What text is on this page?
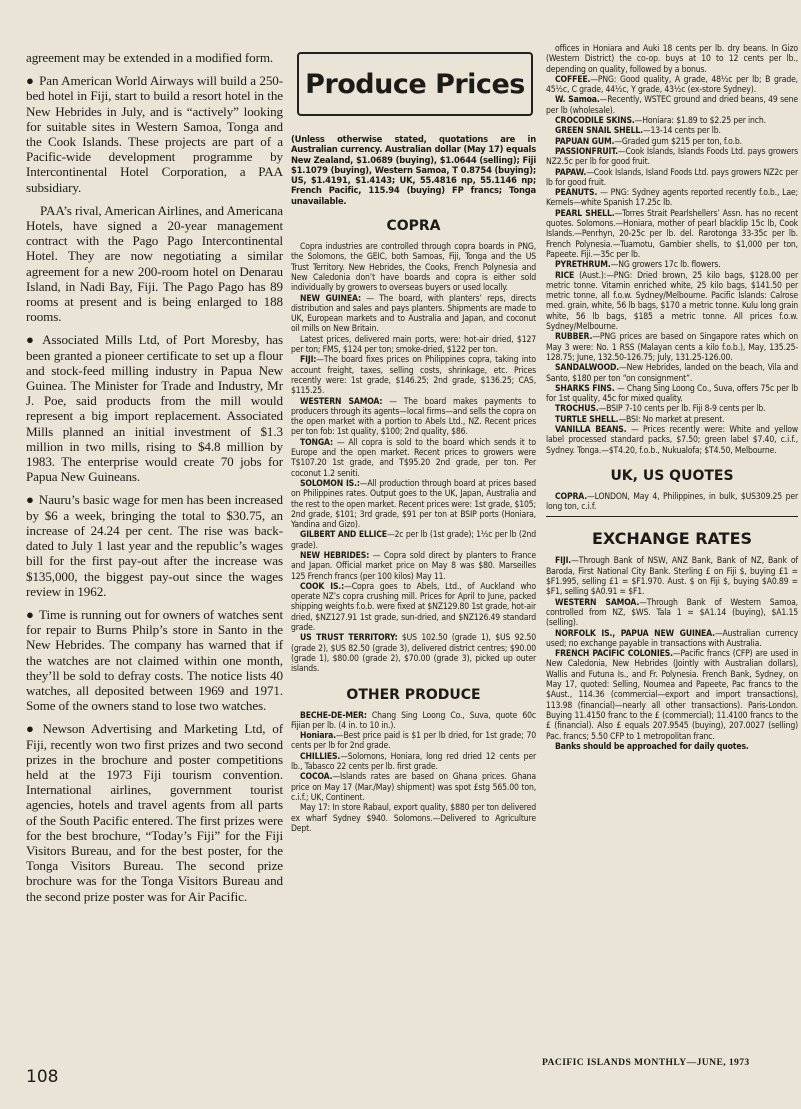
agreement may be extended in a modified form.

● Pan American World Airways will build a 250-bed hotel in Fiji, start to build a resort hotel in the New Hebrides in July, and is “actively” looking for suitable sites in Western Samoa, Tonga and the Cook Islands. These projects are part of a Pacific-wide development programme by Intercontinental Hotel Corporation, a PAA subsidiary.

PAA’s rival, American Airlines, and Americana Hotels, have signed a 20-year management contract with the Pago Pago Intercontinental Hotel. They are now negotiating a similar agreement for a new 200-room hotel on Denarau Island, in Nadi Bay, Fiji. The Pago Pago has 89 rooms at present and is being enlarged to 188 rooms.

● Associated Mills Ltd, of Port Moresby, has been granted a pioneer certificate to set up a flour and stock-feed milling industry in Papua New Guinea. The Minister for Trade and Industry, Mr J. Poe, said products from the mill would represent a big import replacement. Associated Mills planned an initial investment of $1.3 million in two mills, rising to $4.8 million by 1983. The enterprise would create 70 jobs for Papua New Guineans.

● Nauru’s basic wage for men has been increased by $6 a week, bringing the total to $30.75, an increase of 24.24 per cent. The rise was back-dated to July 1 last year and the republic’s wages bill for the first pay-out after the increase was $135,000, the biggest pay-out since the wages review in 1962.

● Time is running out for owners of watches sent for repair to Burns Philp’s store in Santo in the New Hebrides. The company has warned that if the watches are not claimed within one month, they’ll be sold to defray costs. The notice lists 40 watches, all deposited between 1969 and 1971. Some of the owners stand to lose two watches.

● Newson Advertising and Marketing Ltd, of Fiji, recently won two first prizes and two second prizes in the brochure and poster competitions held at the 1973 Fiji tourism convention. International airlines, government tourist agencies, hotels and travel agents from all parts of the South Pacific entered. The first prizes were for the best brochure, “Today’s Fiji” for the Fiji Visitors Bureau, and for the best poster, for the Tonga Visitors Bureau. The second prize brochure was for the Tonga Visitors Bureau and the second prize poster was for Air Pacific.

Produce Prices
(Unless otherwise stated, quotations are in Australian currency. Australian dollar (May 17) equals New Zealand, $1.0689 (buying), $1.0644 (selling); Fiji $1.1079 (buying), Western Samoa, T 0.8754 (buying); US, $1.4191, $1.4143; UK, 55.4816 np, 55.1146 np; French Pacific, 115.94 (buying) FP francs; Tonga unavailable.
COPRA

Copra industries are controlled through copra boards in PNG, the Solomons, the GEIC, both Samoas, Fiji, Tonga and the US Trust Territory. New Hebrides, the Cooks, French Polynesia and New Caledonia don’t have boards and copra is either sold individually by growers to overseas buyers or used locally.

NEW GUINEA: — The board, with planters’ reps, directs distribution and sales and pays planters. Shipments are made to UK, European markets and to Australia and Japan, and coconut oil mills on New Britain.

Latest prices, delivered main ports, were: hot-air dried, $127 per ton; FMS, $124 per ton; smoke-dried, $122 per ton.

FIJI:—The board fixes prices on Philippines copra, taking into account freight, taxes, selling costs, shrinkage, etc. Prices recently were: 1st grade, $146.25; 2nd grade, $136.25; CAS, $115.25.

WESTERN SAMOA: — The board makes payments to producers through its agents—local firms—and sells the copra on the open market with a portion to Abels Ltd., NZ. Recent prices per ton fob: 1st quality, $100; 2nd quality, $86.

TONGA: — All copra is sold to the board which sends it to Europe and the open market. Recent prices to growers were T$107.20 1st grade, and T$95.20 2nd grade, per ton. Per coconut 1.2 seniti.

SOLOMON IS.:—All production through board at prices based on Philippines rates. Output goes to the UK, Japan, Australia and the rest to the open market. Recent prices were: 1st grade, $105; 2nd grade, $101; 3rd grade, $91 per ton at BSIP ports (Honiara, Yandina and Gizo).

GILBERT AND ELLICE—2c per lb (1st grade); 1½c per lb (2nd grade).

NEW HEBRIDES: — Copra sold direct by planters to France and Japan. Official market price on May 8 was $80. Marseilles 125 French francs (per 100 kilos) May 11.

COOK IS.:—Copra goes to Abels, Ltd., of Auckland who operate NZ’s copra crushing mill. Prices for April to June, packed shipping weights f.o.b. were fixed at $NZ129.80 1st grade, hot-air dried, $NZ127.91 1st grade, sun-dried, and $NZ126.49 standard grade.

US TRUST TERRITORY: $US 102.50 (grade 1), $US 92.50 (grade 2), $US 82.50 (grade 3), delivered district centres; $90.00 (grade 1), $80.00 (grade 2), $70.00 (grade 3), picked up outer islands.

OTHER PRODUCE

BECHE-DE-MER: Chang Sing Loong Co., Suva, quote 60c Fijian per lb. (4 in. to 10 in.).

Honiara.—Best price paid is $1 per lb dried, for 1st grade; 70 cents per lb for 2nd grade.

CHILLIES.—Solomons, Honiara, long red dried 12 cents per lb., Tabasco 22 cents per lb. first grade.

COCOA.—Islands rates are based on Ghana prices. Ghana price on May 17 (Mar./May) shipment) was spot £stg 565.00 ton, c.i.f.; UK, Continent.

May 17: In store Rabaul, export quality, $880 per ton delivered ex wharf Sydney $940. Solomons.—Delivered to Agriculture Dept.

offices in Honiara and Auki 18 cents per lb. dry beans. In Gizo (Western District) the co-op. buys at 10 to 12 cents per lb., depending on quality, followed by a bonus.

COFFEE.—PNG: Good quality, A grade, 48½c per lb; B grade, 45½c, C grade, 44½c, Y grade, 43½c (ex-store Sydney).

W. Samoa.—Recently, WSTEC ground and dried beans, 49 sene per lb (wholesale).

CROCODILE SKINS.—Honiara: $1.89 to $2.25 per inch.

GREEN SNAIL SHELL.—13-14 cents per lb.

PAPUAN GUM.—Graded gum $215 per ton, f.o.b.

PASSIONFRUIT.—Cook Islands, Islands Foods Ltd. pays growers NZ2.5c per lb for good fruit.

PAPAW.—Cook Islands, Island Foods Ltd. pays growers NZ2c per lb for good fruit.

PEANUTS. — PNG: Sydney agents reported recently f.o.b., Lae; Kernels—white Spanish 17.25c lb.

PEARL SHELL.—Torres Strait Pearlshellers’ Assn. has no recent quotes. Solomons.—Honiara, mother of pearl blacklip 15c lb, Cook Islands.—Penrhyn, 20-25c per lb. del. Rarotonga 33-35c per lb. French Polynesia.—Tuamotu, Gambier shells, to $1,000 per ton, Papeete. Fiji.—35c per lb.

PYRETHRUM.—NG growers 17c lb. flowers.

RICE (Aust.):—PNG: Dried brown, 25 kilo bags, $128.00 per metric tonne. Vitamin enriched white, 25 kilo bags, $141.50 per metric tonne, all f.o.w. Sydney/Melbourne. Pacific Islands: Calrose med. grain, white, 56 lb bags, $170 a metric tonne. Kulu long grain white, 56 lb bags, $185 a metric tonne. All prices f.o.w. Sydney/Melbourne.

RUBBER.—PNG prices are based on Singapore rates which on May 3 were: No. 1 RSS (Malayan cents a kilo f.o.b.), May, 135.25-128.75; June, 132.50-126.75; July, 131.25-126.00.

SANDALWOOD.—New Hebrides, landed on the beach, Vila and Santo, $180 per ton “on consignment”.

SHARKS FINS. — Chang Sing Loong Co., Suva, offers 75c per lb for 1st quality, 45c for mixed quality.

TROCHUS.—BSIP 7-10 cents per lb. Fiji 8-9 cents per lb.

TURTLE SHELL.—BSI: No market at present.

VANILLA BEANS. — Prices recently were: White and yellow label processed standard packs, $7.50; green label $7.40, c.i.f., Sydney. Tonga.—$T4.20, f.o.b., Nukualofa; $T4.50, Melbourne.

UK, US QUOTES

COPRA.—LONDON, May 4, Philippines, in bulk, $US309.25 per long ton, c.i.f.

EXCHANGE RATES

FIJI.—Through Bank of NSW, ANZ Bank, Bank of NZ, Bank of Baroda, First National City Bank. Sterling £ on Fiji $, buying £1 = $F1.995, selling £1 = $F1.970. Aust. $ on Fiji $, buying $A0.89 = $F1, selling $A0.91 = $F1.

WESTERN SAMOA.—Through Bank of Western Samoa, controlled from NZ, $WS. Tala 1 = $A1.14 (buying), $A1.15 (selling).

NORFOLK IS., PAPUA NEW GUINEA.—Australian currency used; no exchange payable in transactions with Australia.

FRENCH PACIFIC COLONIES.—Pacific francs (CFP) are used in New Caledonia, New Hebrides (Jointly with Australian dollars), Wallis and Futuna Is., and Fr. Polynesia. French Bank, Sydney, on May 17, quoted: Selling, Noumea and Papeete, Pac francs to the $Aust., 114.36 (commercial—export and import transactions), 113.98 (financial)—nearly all other transactions). Paris-London. Buying 11.4150 franc to the £ (commercial); 11.4100 francs to the £ (financial). Also £ equals 207.9545 (buying), 207.0027 (selling) Pac. francs; 5.50 CFP to 1 metropolitan franc.

Banks should be approached for daily quotes.

108
PACIFIC ISLANDS MONTHLY—JUNE, 1973
